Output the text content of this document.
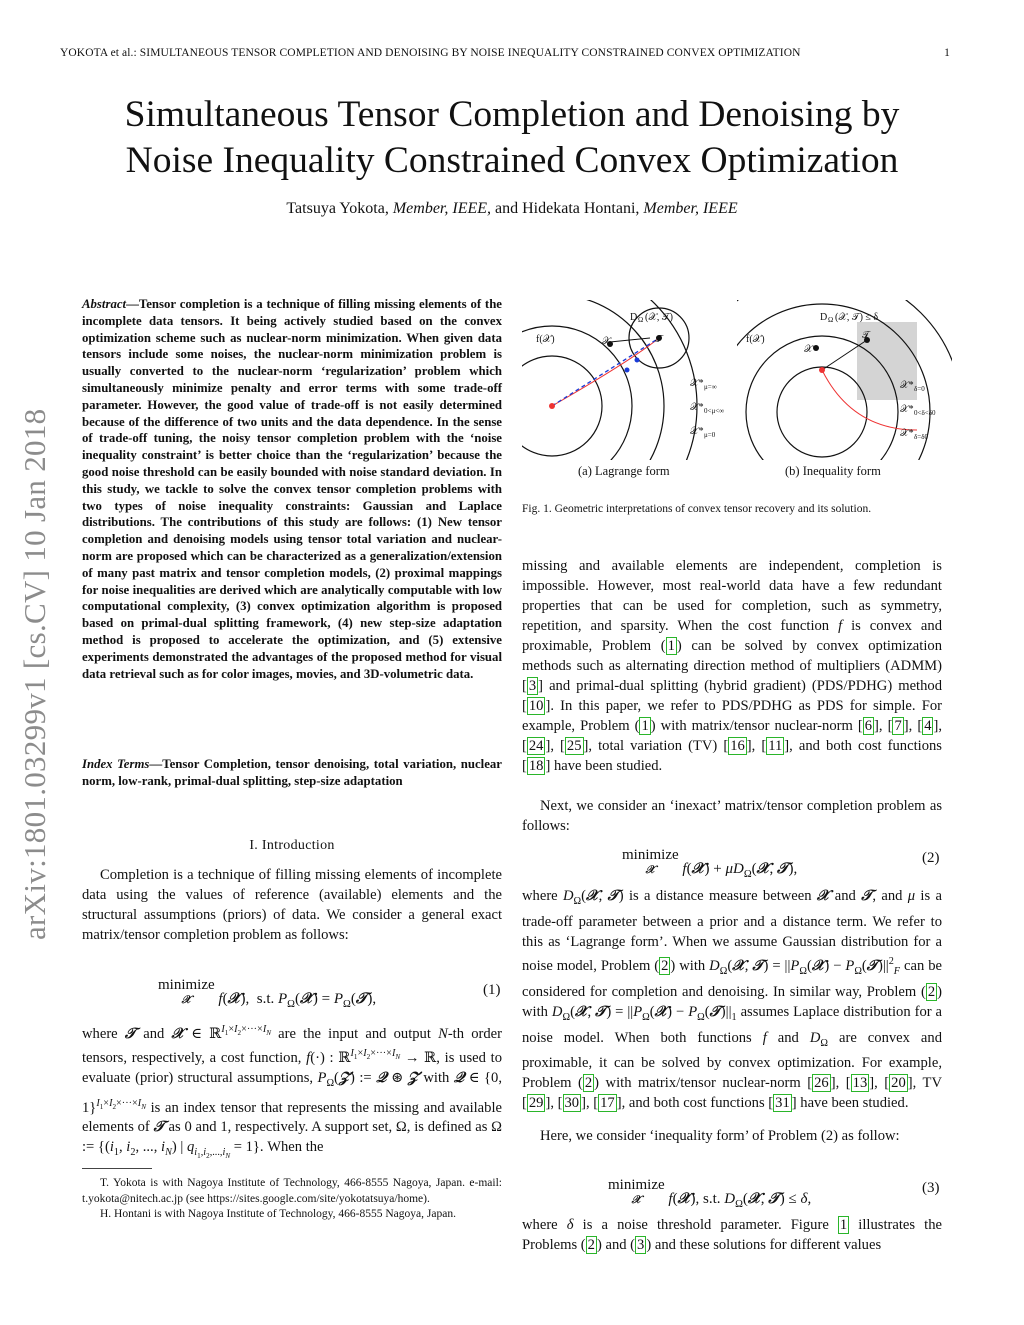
YOKOTA et al.: SIMULTANEOUS TENSOR COMPLETION AND DENOISING BY NOISE INEQUALITY CONSTRAINED CONVEX OPTIMIZATION	1
Simultaneous Tensor Completion and Denoising by
Noise Inequality Constrained Convex Optimization
Tatsuya Yokota, Member, IEEE, and Hidekata Hontani, Member, IEEE
arXiv:1801.03299v1 [cs.CV] 10 Jan 2018
Abstract—Tensor completion is a technique of filling missing elements of the incomplete data tensors. It being actively studied based on the convex optimization scheme such as nuclear-norm minimization. When given data tensors include some noises, the nuclear-norm minimization problem is usually converted to the nuclear-norm ‘regularization’ problem which simultaneously minimize penalty and error terms with some trade-off parameter. However, the good value of trade-off is not easily determined because of the difference of two units and the data dependence. In the sense of trade-off tuning, the noisy tensor completion problem with the ‘noise inequality constraint’ is better choice than the ‘regularization’ because the good noise threshold can be easily bounded with noise standard deviation. In this study, we tackle to solve the convex tensor completion problems with two types of noise inequality constraints: Gaussian and Laplace distributions. The contributions of this study are follows: (1) New tensor completion and denoising models using tensor total variation and nuclear-norm are proposed which can be characterized as a generalization/extension of many past matrix and tensor completion models, (2) proximal mappings for noise inequalities are derived which are analytically computable with low computational complexity, (3) convex optimization algorithm is proposed based on primal-dual splitting framework, (4) new step-size adaptation method is proposed to accelerate the optimization, and (5) extensive experiments demonstrated the advantages of the proposed method for visual data retrieval such as for color images, movies, and 3D-volumetric data.
Index Terms—Tensor Completion, tensor denoising, total variation, nuclear norm, low-rank, primal-dual splitting, step-size adaptation
I. Introduction
Completion is a technique of filling missing elements of incomplete data using the values of reference (available) elements and the structural assumptions (priors) of data. We consider a general exact matrix/tensor completion problem as follows:
minimize
𝒳 f(𝒳),  s.t. $P_\Omega(𝒳)$ = $P_\Omega(𝒯)$,
(1)
where 𝒯 and 𝒳 ∈ ℝ$^{I_1\times I_2\times\cdot\cdot\cdot\times I_N}$ are the input and output N-th order tensors, respectively, a cost function, f(·) : ℝ$^{I_1\times I_2\times\cdot\cdot\cdot\times I_N}$ → ℝ, is used to evaluate (prior) structural assumptions, $P_\Omega(𝒵)$ := 𝒬 ⊛ 𝒵 with 𝒬 ∈ {0, 1}$^{I_1\times I_2\times\cdot\cdot\cdot\times I_N}$ is an index tensor that represents the missing and available elements of 𝒯 as 0 and 1, respectively. A support set, Ω, is defined as Ω := {($i_1$, $i_2$, ..., $i_N$) | $q_{i_1,i_2,...,i_N} = 1$}. When the

T. Yokota is with Nagoya Institute of Technology, 466-8555 Nagoya, Japan. e-mail: t.yokota@nitech.ac.jp (see https://sites.google.com/site/yokotatsuya/home).

H. Hontani is with Nagoya Institute of Technology, 466-8555 Nagoya, Japan.

f(𝒳)	𝒳
D Ω (𝒳, 𝒯)
𝒯
𝒳* μ=∞
𝒳* 0<μ<∞
𝒳* μ=0
f(𝒳)
𝒳
D Ω (𝒳, 𝒯) ≤ δ
𝒯
𝒳* δ=0
𝒳* 0<δ<δ0
𝒳* δ=δ0
(a) Lagrange form	(b) Inequality form
Fig. 1. Geometric interpretations of convex tensor recovery and its solution.
missing and available elements are independent, completion is impossible. However, most real-world data have a few redundant properties that can be used for completion, such as symmetry, repetition, and sparsity. When the cost function f is convex and proximable, Problem ( 1 ) can be solved by convex optimization methods such as alternating direction method of multipliers (ADMM) [ 3 ] and primal-dual splitting (hybrid gradient) (PDS/PDHG) method [ 10 ]. In this paper, we refer to PDS/PDHG as PDS for simple. For example, Problem ( 1 ) with matrix/tensor nuclear-norm [ 6 ], [ 7 ], [ 4 ], [ 24 ], [ 25 ], total variation (TV) [ 16 ], [ 11 ], and both cost functions [ 18 ] have been studied.
Next, we consider an ‘inexact’ matrix/tensor completion problem as follows:
minimize
𝒳 f(𝒳) + $\mu D_\Omega(𝒳$, 𝒯),
(2)
where $D_\Omega(𝒳$, 𝒯) is a distance measure between 𝒳 and 𝒯, and μ is a trade-off parameter between a prior and a distance term. We refer to this as ‘Lagrange form’. When we assume Gaussian distribution for a noise model, Problem ( 2 ) with $D_\Omega(𝒳$, 𝒯) = $||P_\Omega(𝒳)$ − $P_\Omega(𝒯)||^2_F$ can be considered for completion and denoising. In similar way, Problem ( 2 ) with $D_\Omega(𝒳$, 𝒯) = $||P_\Omega(𝒳)$ − $P_\Omega(𝒯)||_1$ assumes Laplace distribution for a noise model. When both functions f and $D_\Omega$ are convex and proximable, it can be solved by convex optimization. For example, Problem ( 2 ) with matrix/tensor nuclear-norm [ 26 ], [ 13 ], [ 20 ], TV [ 29 ], [ 30 ], [ 17 ], and both cost functions [ 31 ] have been studied.
Here, we consider ‘inequality form’ of Problem (2) as follow:
minimize
𝒳 f(𝒳), s.t. $D_\Omega(𝒳$, 𝒯) ≤ δ,
(3)
where δ is a noise threshold parameter. Figure 1 illustrates the Problems ( 2 ) and ( 3 ) and these solutions for different values
